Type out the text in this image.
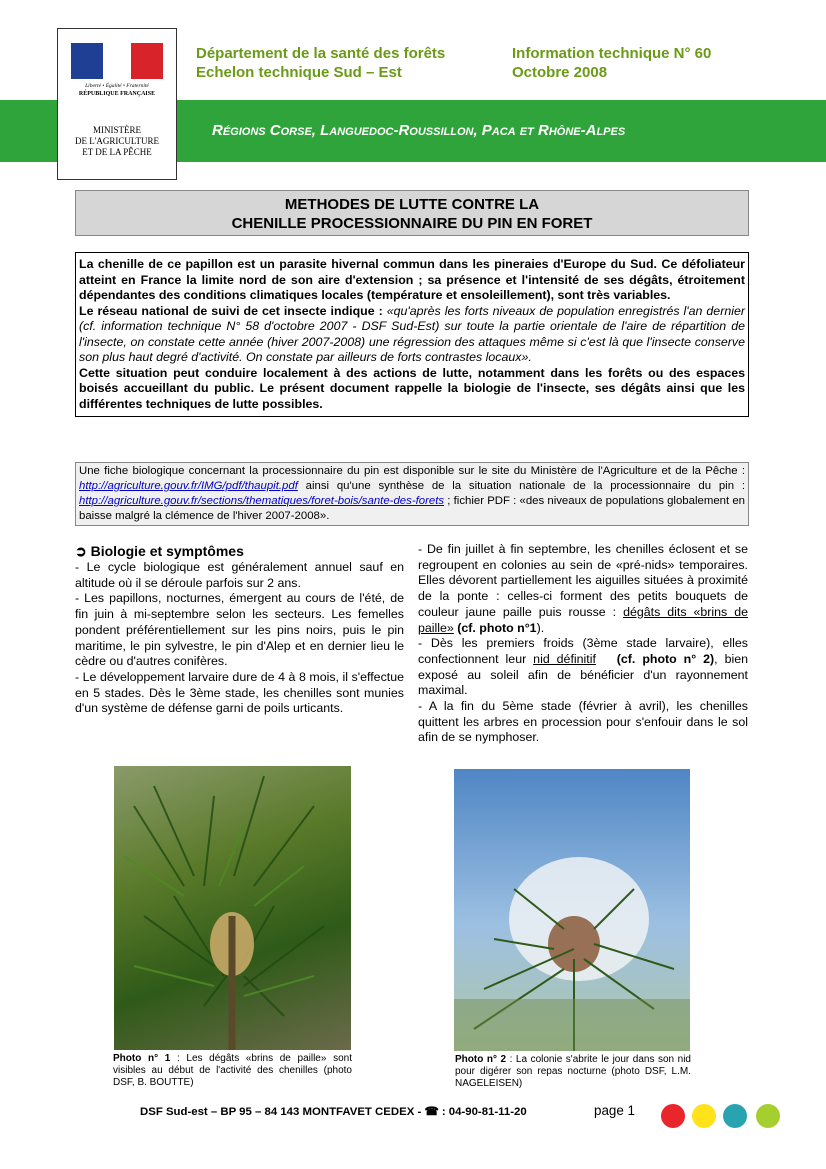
Liberté • Égalité • Fraternité
RÉPUBLIQUE FRANÇAISE
MINISTÈRE
DE L'AGRICULTURE
ET DE LA PÊCHE
Département de la santé des forêts
Echelon technique Sud – Est
Information technique N° 60
Octobre 2008
Régions Corse, Languedoc-Roussillon, Paca et Rhône-Alpes
METHODES DE LUTTE CONTRE LA
CHENILLE PROCESSIONNAIRE DU PIN EN FORET
La chenille de ce papillon est un parasite hivernal commun dans les pineraies d'Europe du Sud. Ce défoliateur atteint en France la limite nord de son aire d'extension ; sa présence et l'intensité de ses dégâts, étroitement dépendantes des conditions climatiques locales (température et ensoleillement), sont très variables.
Le réseau national de suivi de cet insecte indique : «qu'après les forts niveaux de population enregistrés l'an dernier (cf. information technique N° 58 d'octobre 2007 - DSF Sud-Est) sur toute la partie orientale de l'aire de répartition de l'insecte, on constate cette année (hiver 2007-2008) une régression des attaques même si c'est là que l'insecte conserve son plus haut degré d'activité. On constate par ailleurs de forts contrastes locaux».
Cette situation peut conduire localement à des actions de lutte, notamment dans les forêts ou des espaces boisés accueillant du public. Le présent document rappelle la biologie de l'insecte, ses dégâts ainsi que les différentes techniques de lutte possibles.
Une fiche biologique concernant la processionnaire du pin est disponible sur le site du Ministère de l'Agriculture et de la Pêche : http://agriculture.gouv.fr/IMG/pdf/thaupit.pdf ainsi qu'une synthèse de la situation nationale de la processionnaire du pin : http://agriculture.gouv.fr/sections/thematiques/foret-bois/sante-des-forets ; fichier PDF : «des niveaux de populations globalement en baisse malgré la clémence de l'hiver 2007-2008».
➲ Biologie et symptômes
- Le cycle biologique est généralement annuel sauf en altitude où il se déroule parfois sur 2 ans.
- Les papillons, nocturnes, émergent au cours de l'été, de fin juin à mi-septembre selon les secteurs. Les femelles pondent préférentiellement sur les pins noirs, puis le pin maritime, le pin sylvestre, le pin d'Alep et en dernier lieu le cèdre ou d'autres conifères.
- Le développement larvaire dure de 4 à 8 mois, il s'effectue en 5 stades. Dès le 3ème stade, les chenilles sont munies d'un système de défense garni de poils urticants.
- De fin juillet à fin septembre, les chenilles éclosent et se regroupent en colonies au sein de «pré-nids» temporaires. Elles dévorent partiellement les aiguilles situées à proximité de la ponte : celles-ci forment des petits bouquets de couleur jaune paille puis rousse : dégâts dits «brins de paille» (cf. photo n°1).
- Dès les premiers froids (3ème stade larvaire), elles confectionnent leur nid définitif (cf. photo n° 2), bien exposé au soleil afin de bénéficier d'un rayonnement maximal.
- A la fin du 5ème stade (février à avril), les chenilles quittent les arbres en procession pour s'enfouir dans le sol afin de se nymphoser.
Photo n° 1 : Les dégâts «brins de paille» sont visibles au début de l'activité des chenilles (photo DSF, B. BOUTTE)
Photo n° 2 : La colonie s'abrite le jour dans son nid pour digérer son repas nocturne (photo DSF, L.M. NAGELEISEN)
DSF Sud-est – BP 95 – 84 143 MONTFAVET CEDEX - ☎ : 04-90-81-11-20	page 1
